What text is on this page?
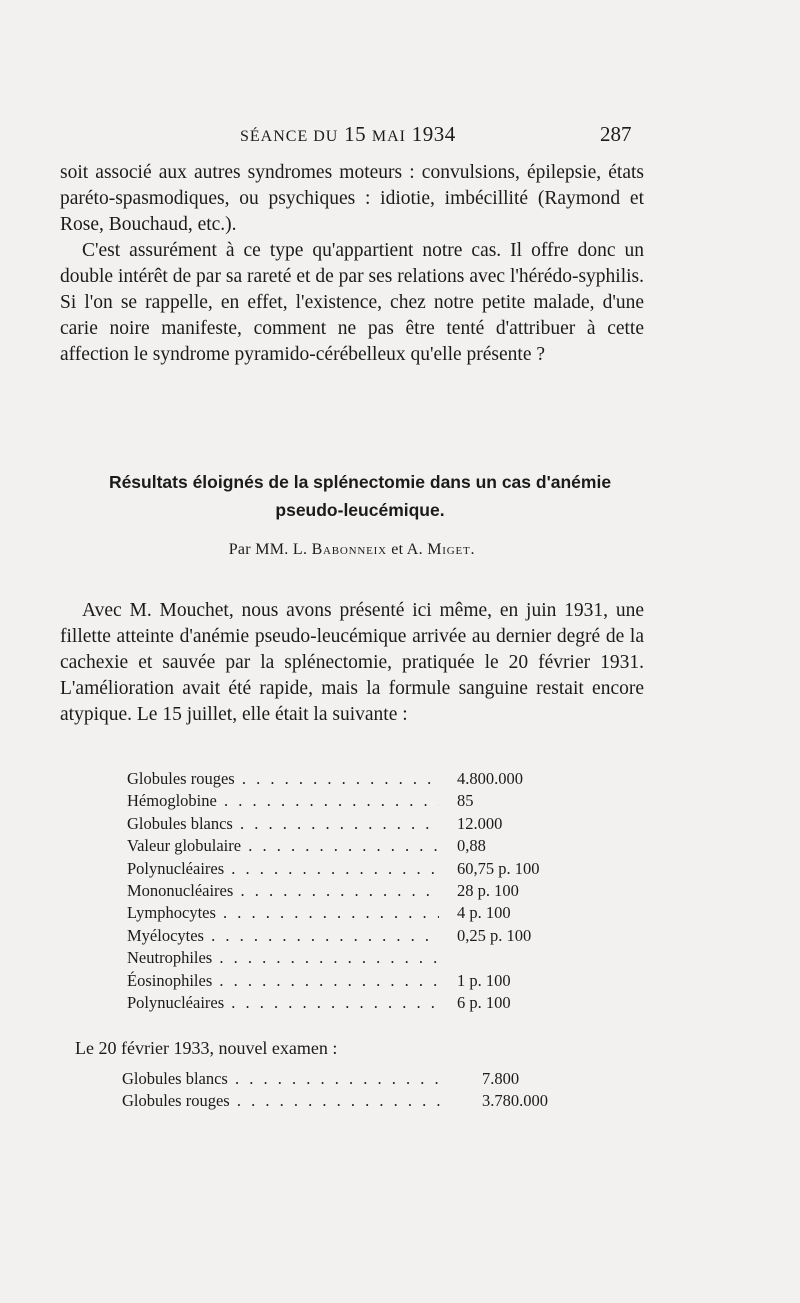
SÉANCE DU 15 MAI 1934	287
soit associé aux autres syndromes moteurs : convulsions, épilepsie, états paréto-spasmodiques, ou psychiques : idiotie, imbécillité (Raymond et Rose, Bouchaud, etc.).
C'est assurément à ce type qu'appartient notre cas. Il offre donc un double intérêt de par sa rareté et de par ses relations avec l'hérédo-syphilis. Si l'on se rappelle, en effet, l'existence, chez notre petite malade, d'une carie noire manifeste, comment ne pas être tenté d'attribuer à cette affection le syndrome pyramido-cérébelleux qu'elle présente ?
Résultats éloignés de la splénectomie dans un cas d'anémie
pseudo-leucémique.
Par MM. L. Babonneix et A. Miget.
Avec M. Mouchet, nous avons présenté ici même, en juin 1931, une fillette atteinte d'anémie pseudo-leucémique arrivée au dernier degré de la cachexie et sauvée par la splénectomie, pratiquée le 20 février 1931. L'amélioration avait été rapide, mais la formule sanguine restait encore atypique. Le 15 juillet, elle était la suivante :
Globules rouges . . .	4.800.000
Hémoglobine . . .	85
Globules blancs . . .	12.000
Valeur globulaire . . .	0,88
Polynucléaires . . .	60,75 p. 100
Mononucléaires . . .	28 p. 100
Lymphocytes . . .	4 p. 100
Myélocytes . . .	0,25 p. 100
Neutrophiles . . .
Éosinophiles . . .	1 p. 100
Polynucléaires . . .	6 p. 100
Le 20 février 1933, nouvel examen :
Globules blancs . . .	7.800
Globules rouges . . .	3.780.000
